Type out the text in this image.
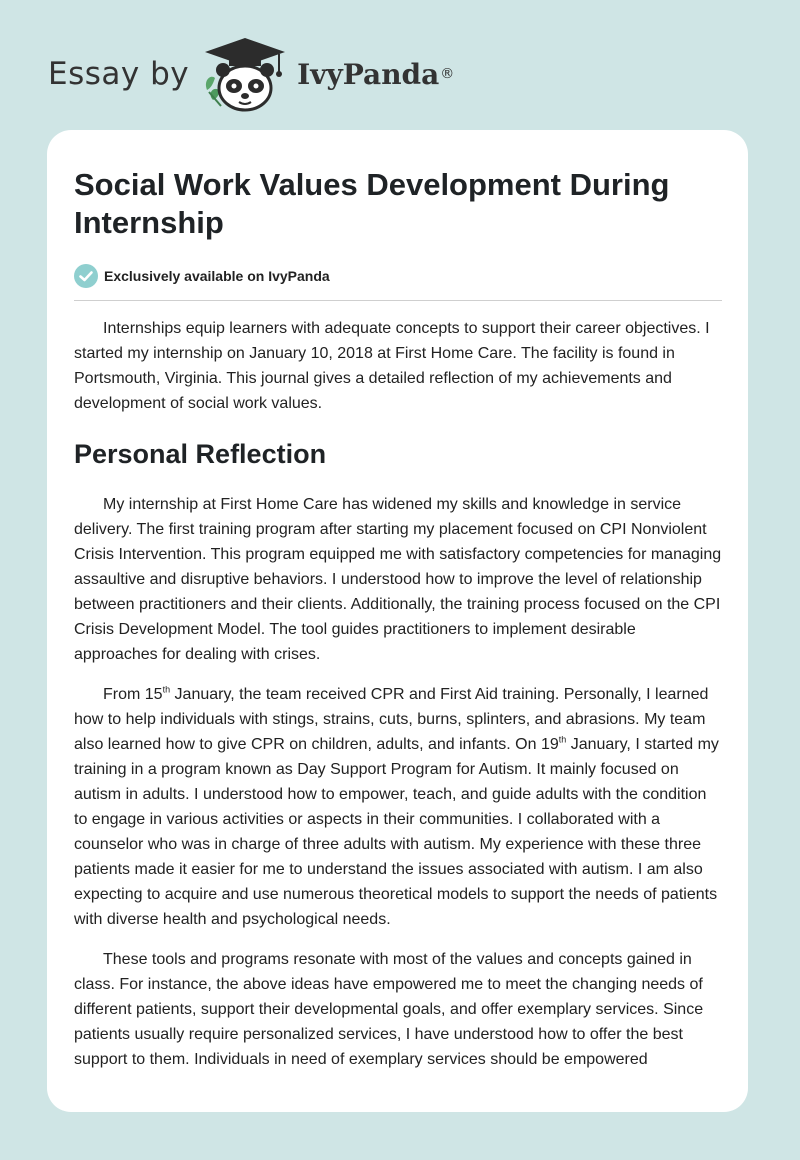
Essay by	IvyPanda ®
Social Work Values Development During Internship
Exclusively available on IvyPanda

Internships equip learners with adequate concepts to support their career objectives. I started my internship on January 10, 2018 at First Home Care. The facility is found in Portsmouth, Virginia. This journal gives a detailed reflection of my achievements and development of social work values.

Personal Reflection

My internship at First Home Care has widened my skills and knowledge in service delivery. The first training program after starting my placement focused on CPI Nonviolent Crisis Intervention. This program equipped me with satisfactory competencies for managing assaultive and disruptive behaviors. I understood how to improve the level of relationship between practitioners and their clients. Additionally, the training process focused on the CPI Crisis Development Model. The tool guides practitioners to implement desirable approaches for dealing with crises.

From 15th January, the team received CPR and First Aid training. Personally, I learned how to help individuals with stings, strains, cuts, burns, splinters, and abrasions. My team also learned how to give CPR on children, adults, and infants. On 19th January, I started my training in a program known as Day Support Program for Autism. It mainly focused on autism in adults. I understood how to empower, teach, and guide adults with the condition to engage in various activities or aspects in their communities. I collaborated with a counselor who was in charge of three adults with autism. My experience with these three patients made it easier for me to understand the issues associated with autism. I am also expecting to acquire and use numerous theoretical models to support the needs of patients with diverse health and psychological needs.

These tools and programs resonate with most of the values and concepts gained in class. For instance, the above ideas have empowered me to meet the changing needs of different patients, support their developmental goals, and offer exemplary services. Since patients usually require personalized services, I have understood how to offer the best support to them. Individuals in need of exemplary services should be empowered
